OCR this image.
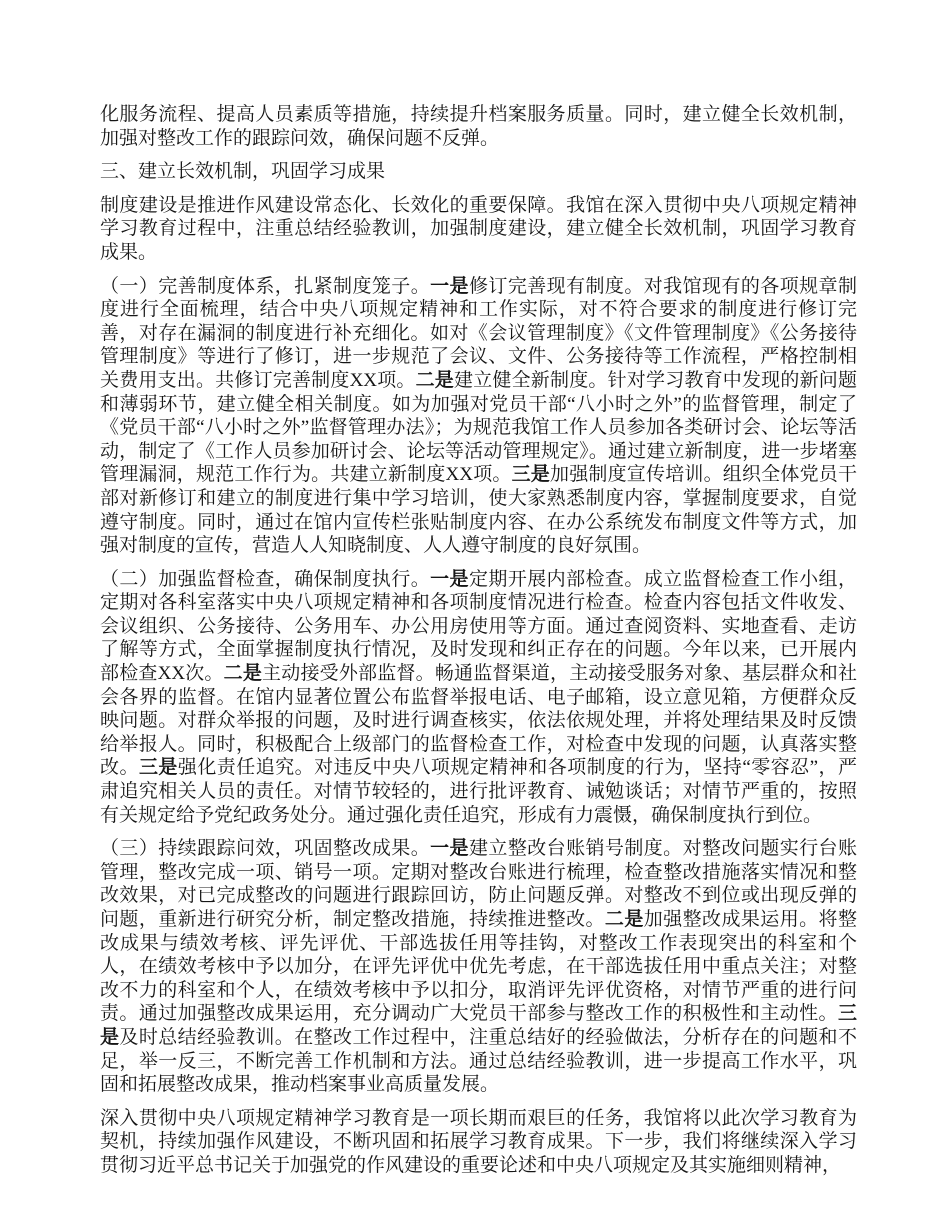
化服务流程、提高人员素质等措施，持续提升档案服务质量。同时，建立健全长效机制，加强对整改工作的跟踪问效，确保问题不反弹。

三、建立长效机制，巩固学习成果

制度建设是推进作风建设常态化、长效化的重要保障。我馆在深入贯彻中央八项规定精神学习教育过程中，注重总结经验教训，加强制度建设，建立健全长效机制，巩固学习教育成果。

（一）完善制度体系，扎紧制度笼子。一是修订完善现有制度。对我馆现有的各项规章制度进行全面梳理，结合中央八项规定精神和工作实际，对不符合要求的制度进行修订完善，对存在漏洞的制度进行补充细化。如对《会议管理制度》《文件管理制度》《公务接待管理制度》等进行了修订，进一步规范了会议、文件、公务接待等工作流程，严格控制相关费用支出。共修订完善制度XX项。二是建立健全新制度。针对学习教育中发现的新问题和薄弱环节，建立健全相关制度。如为加强对党员干部“八小时之外”的监督管理，制定了《党员干部“八小时之外”监督管理办法》；为规范我馆工作人员参加各类研讨会、论坛等活动，制定了《工作人员参加研讨会、论坛等活动管理规定》。通过建立新制度，进一步堵塞管理漏洞，规范工作行为。共建立新制度XX项。三是加强制度宣传培训。组织全体党员干部对新修订和建立的制度进行集中学习培训，使大家熟悉制度内容，掌握制度要求，自觉遵守制度。同时，通过在馆内宣传栏张贴制度内容、在办公系统发布制度文件等方式，加强对制度的宣传，营造人人知晓制度、人人遵守制度的良好氛围。

（二）加强监督检查，确保制度执行。一是定期开展内部检查。成立监督检查工作小组，定期对各科室落实中央八项规定精神和各项制度情况进行检查。检查内容包括文件收发、会议组织、公务接待、公务用车、办公用房使用等方面。通过查阅资料、实地查看、走访了解等方式，全面掌握制度执行情况，及时发现和纠正存在的问题。今年以来，已开展内部检查XX次。二是主动接受外部监督。畅通监督渠道，主动接受服务对象、基层群众和社会各界的监督。在馆内显著位置公布监督举报电话、电子邮箱，设立意见箱，方便群众反映问题。对群众举报的问题，及时进行调查核实，依法依规处理，并将处理结果及时反馈给举报人。同时，积极配合上级部门的监督检查工作，对检查中发现的问题，认真落实整改。三是强化责任追究。对违反中央八项规定精神和各项制度的行为，坚持“零容忍”，严肃追究相关人员的责任。对情节较轻的，进行批评教育、诫勉谈话；对情节严重的，按照有关规定给予党纪政务处分。通过强化责任追究，形成有力震慑，确保制度执行到位。

（三）持续跟踪问效，巩固整改成果。一是建立整改台账销号制度。对整改问题实行台账管理，整改完成一项、销号一项。定期对整改台账进行梳理，检查整改措施落实情况和整改效果，对已完成整改的问题进行跟踪回访，防止问题反弹。对整改不到位或出现反弹的问题，重新进行研究分析，制定整改措施，持续推进整改。二是加强整改成果运用。将整改成果与绩效考核、评先评优、干部选拔任用等挂钩，对整改工作表现突出的科室和个人，在绩效考核中予以加分，在评先评优中优先考虑，在干部选拔任用中重点关注；对整改不力的科室和个人，在绩效考核中予以扣分，取消评先评优资格，对情节严重的进行问责。通过加强整改成果运用，充分调动广大党员干部参与整改工作的积极性和主动性。三是及时总结经验教训。在整改工作过程中，注重总结好的经验做法，分析存在的问题和不足，举一反三，不断完善工作机制和方法。通过总结经验教训，进一步提高工作水平，巩固和拓展整改成果，推动档案事业高质量发展。

深入贯彻中央八项规定精神学习教育是一项长期而艰巨的任务，我馆将以此次学习教育为契机，持续加强作风建设，不断巩固和拓展学习教育成果。下一步，我们将继续深入学习贯彻习近平总书记关于加强党的作风建设的重要论述和中央八项规定及其实施细则精神，
